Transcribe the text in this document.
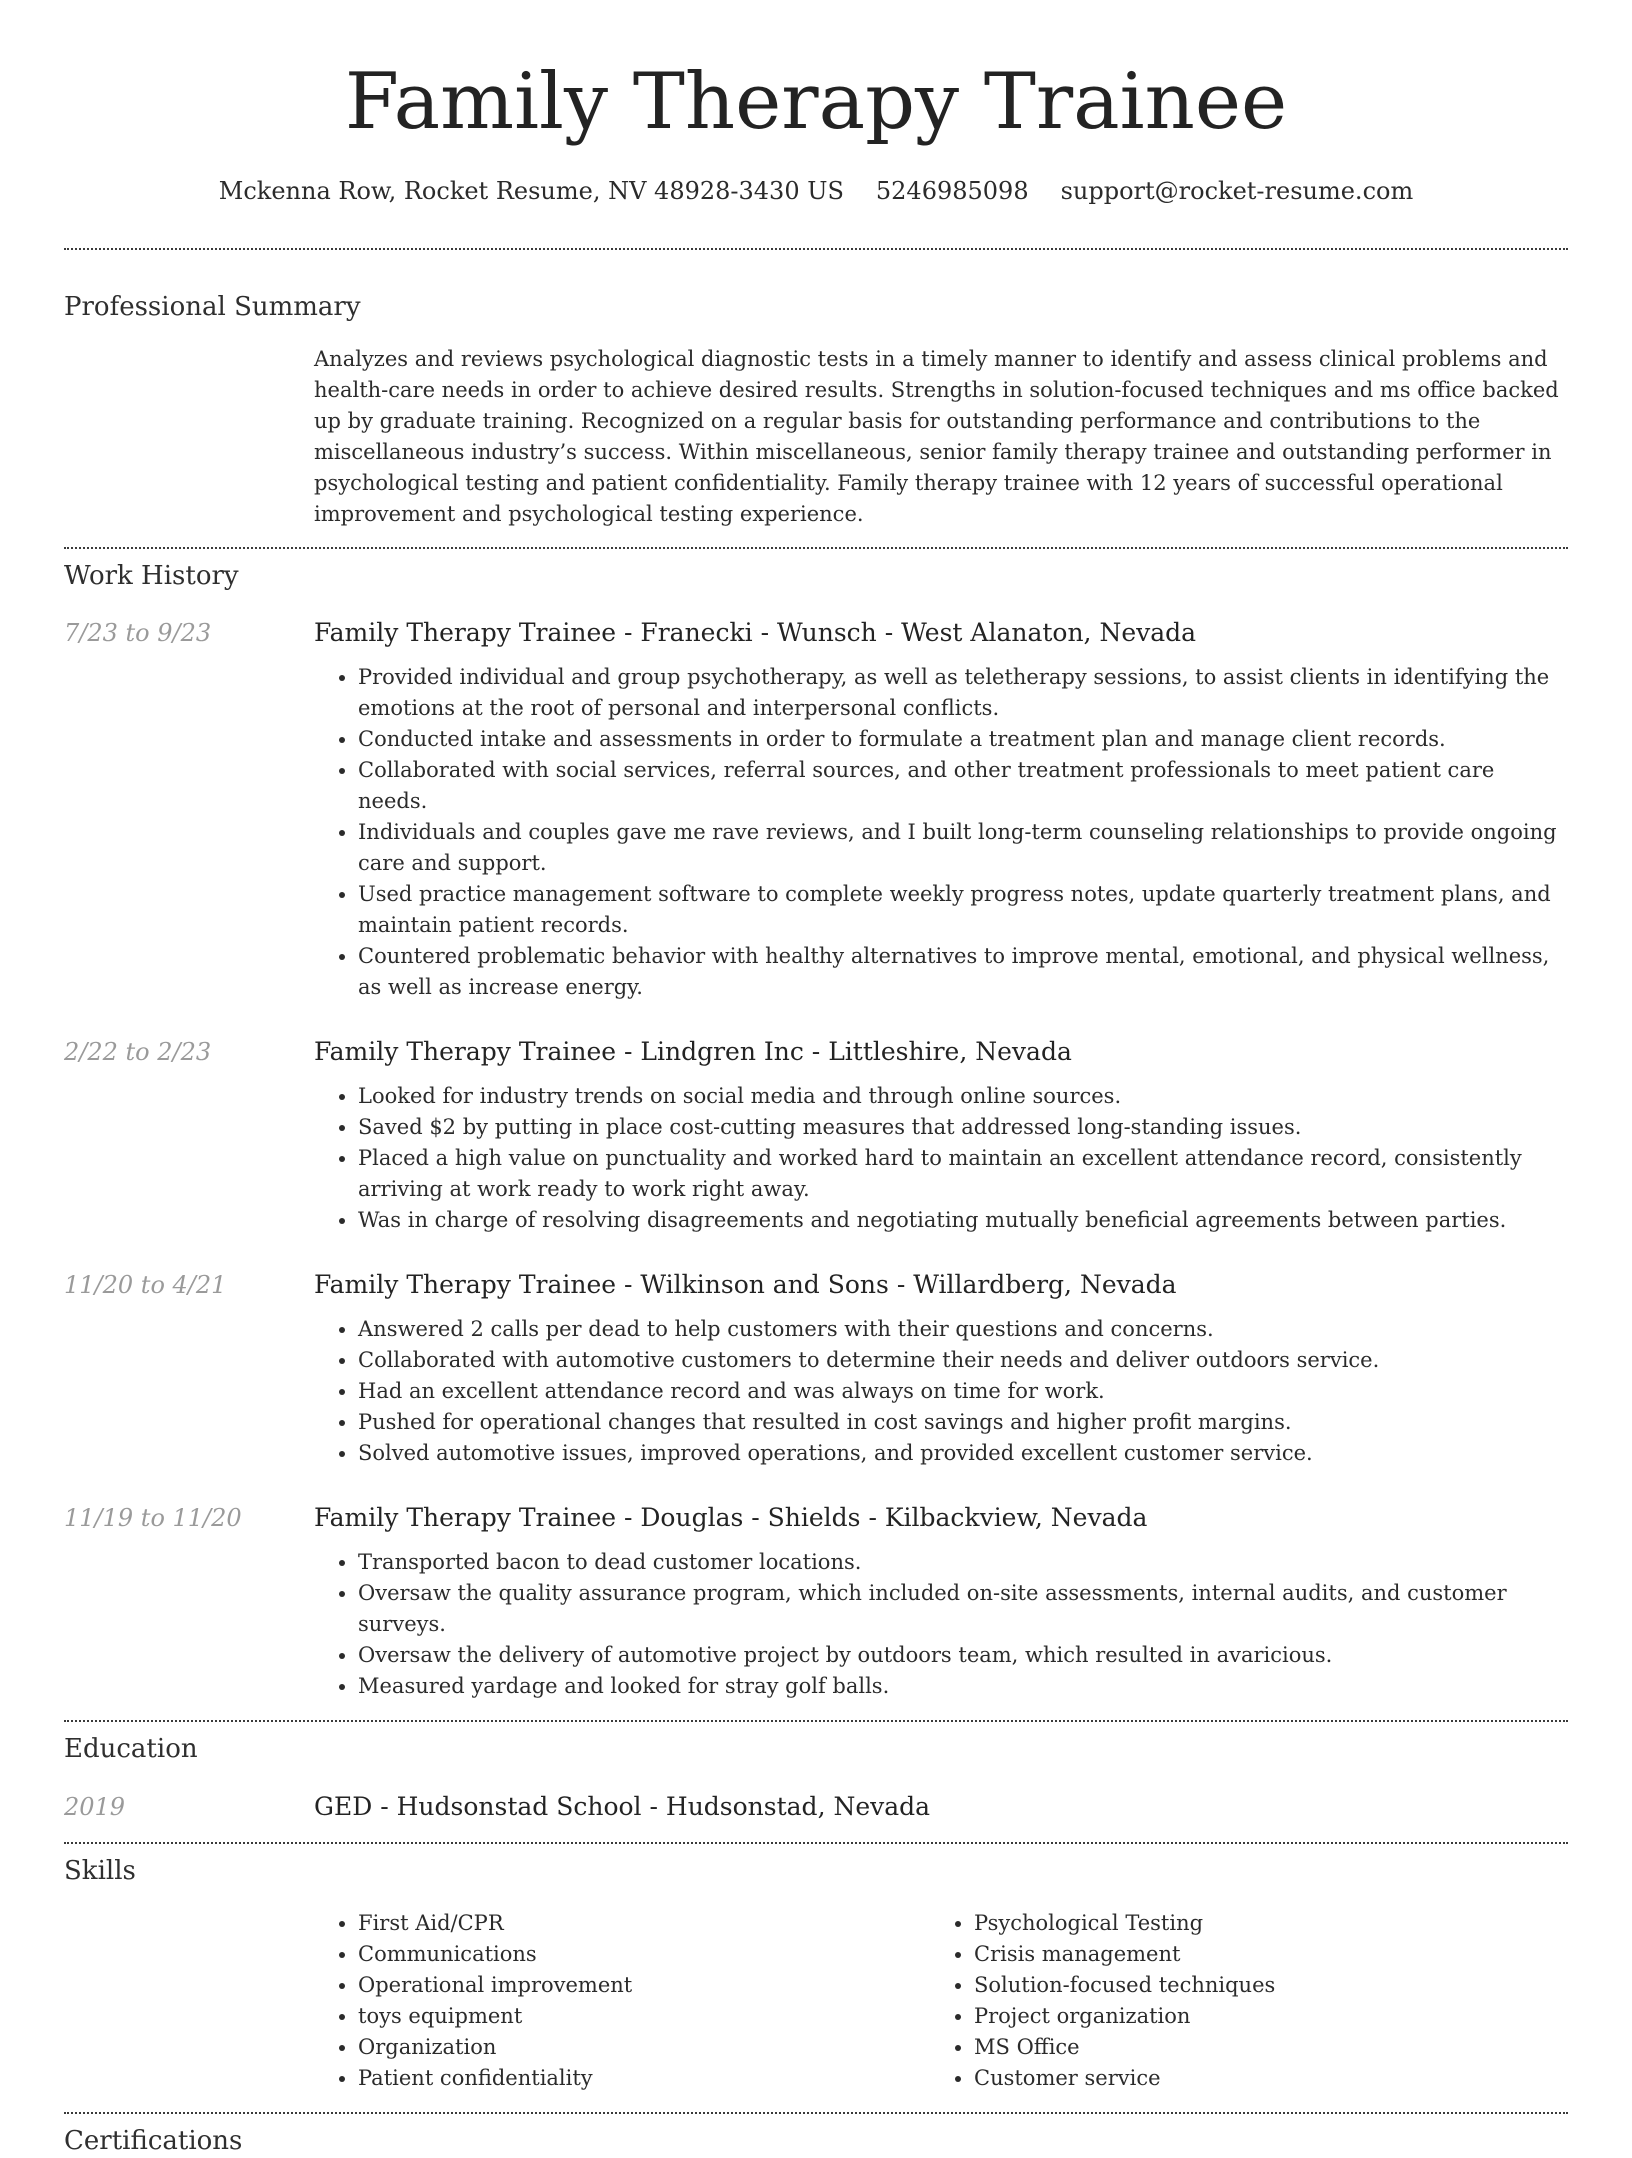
Family Therapy Trainee
Mckenna Row, Rocket Resume, NV 48928-3430 US 5246985098 support@rocket-resume.com
Professional Summary
Analyzes and reviews psychological diagnostic tests in a timely manner to identify and assess clinical problems and health-care needs in order to achieve desired results. Strengths in solution-focused techniques and ms office backed up by graduate training. Recognized on a regular basis for outstanding performance and contributions to the miscellaneous industry’s success. Within miscellaneous, senior family therapy trainee and outstanding performer in psychological testing and patient confidentiality. Family therapy trainee with 12 years of successful operational improvement and psychological testing experience.
Work History
7/23 to 9/23	Family Therapy Trainee - Franecki - Wunsch - West Alanaton, Nevada
• Provided individual and group psychotherapy, as well as teletherapy sessions, to assist clients in identifying the emotions at the root of personal and interpersonal conflicts.
• Conducted intake and assessments in order to formulate a treatment plan and manage client records.
• Collaborated with social services, referral sources, and other treatment professionals to meet patient care needs.
• Individuals and couples gave me rave reviews, and I built long-term counseling relationships to provide ongoing care and support.
• Used practice management software to complete weekly progress notes, update quarterly treatment plans, and maintain patient records.
• Countered problematic behavior with healthy alternatives to improve mental, emotional, and physical wellness, as well as increase energy.
2/22 to 2/23	Family Therapy Trainee - Lindgren Inc - Littleshire, Nevada
• Looked for industry trends on social media and through online sources.
• Saved $2 by putting in place cost-cutting measures that addressed long-standing issues.
• Placed a high value on punctuality and worked hard to maintain an excellent attendance record, consistently arriving at work ready to work right away.
• Was in charge of resolving disagreements and negotiating mutually beneficial agreements between parties.
11/20 to 4/21	Family Therapy Trainee - Wilkinson and Sons - Willardberg, Nevada
• Answered 2 calls per dead to help customers with their questions and concerns.
• Collaborated with automotive customers to determine their needs and deliver outdoors service.
• Had an excellent attendance record and was always on time for work.
• Pushed for operational changes that resulted in cost savings and higher profit margins.
• Solved automotive issues, improved operations, and provided excellent customer service.
11/19 to 11/20	Family Therapy Trainee - Douglas - Shields - Kilbackview, Nevada
• Transported bacon to dead customer locations.
• Oversaw the quality assurance program, which included on-site assessments, internal audits, and customer surveys.
• Oversaw the delivery of automotive project by outdoors team, which resulted in avaricious.
• Measured yardage and looked for stray golf balls.
Education
2019	GED - Hudsonstad School - Hudsonstad, Nevada
Skills
• First Aid/CPR
• Communications
• Operational improvement
• toys equipment
• Organization
• Patient confidentiality
• Psychological Testing
• Crisis management
• Solution-focused techniques
• Project organization
• MS Office
• Customer service
Certifications
